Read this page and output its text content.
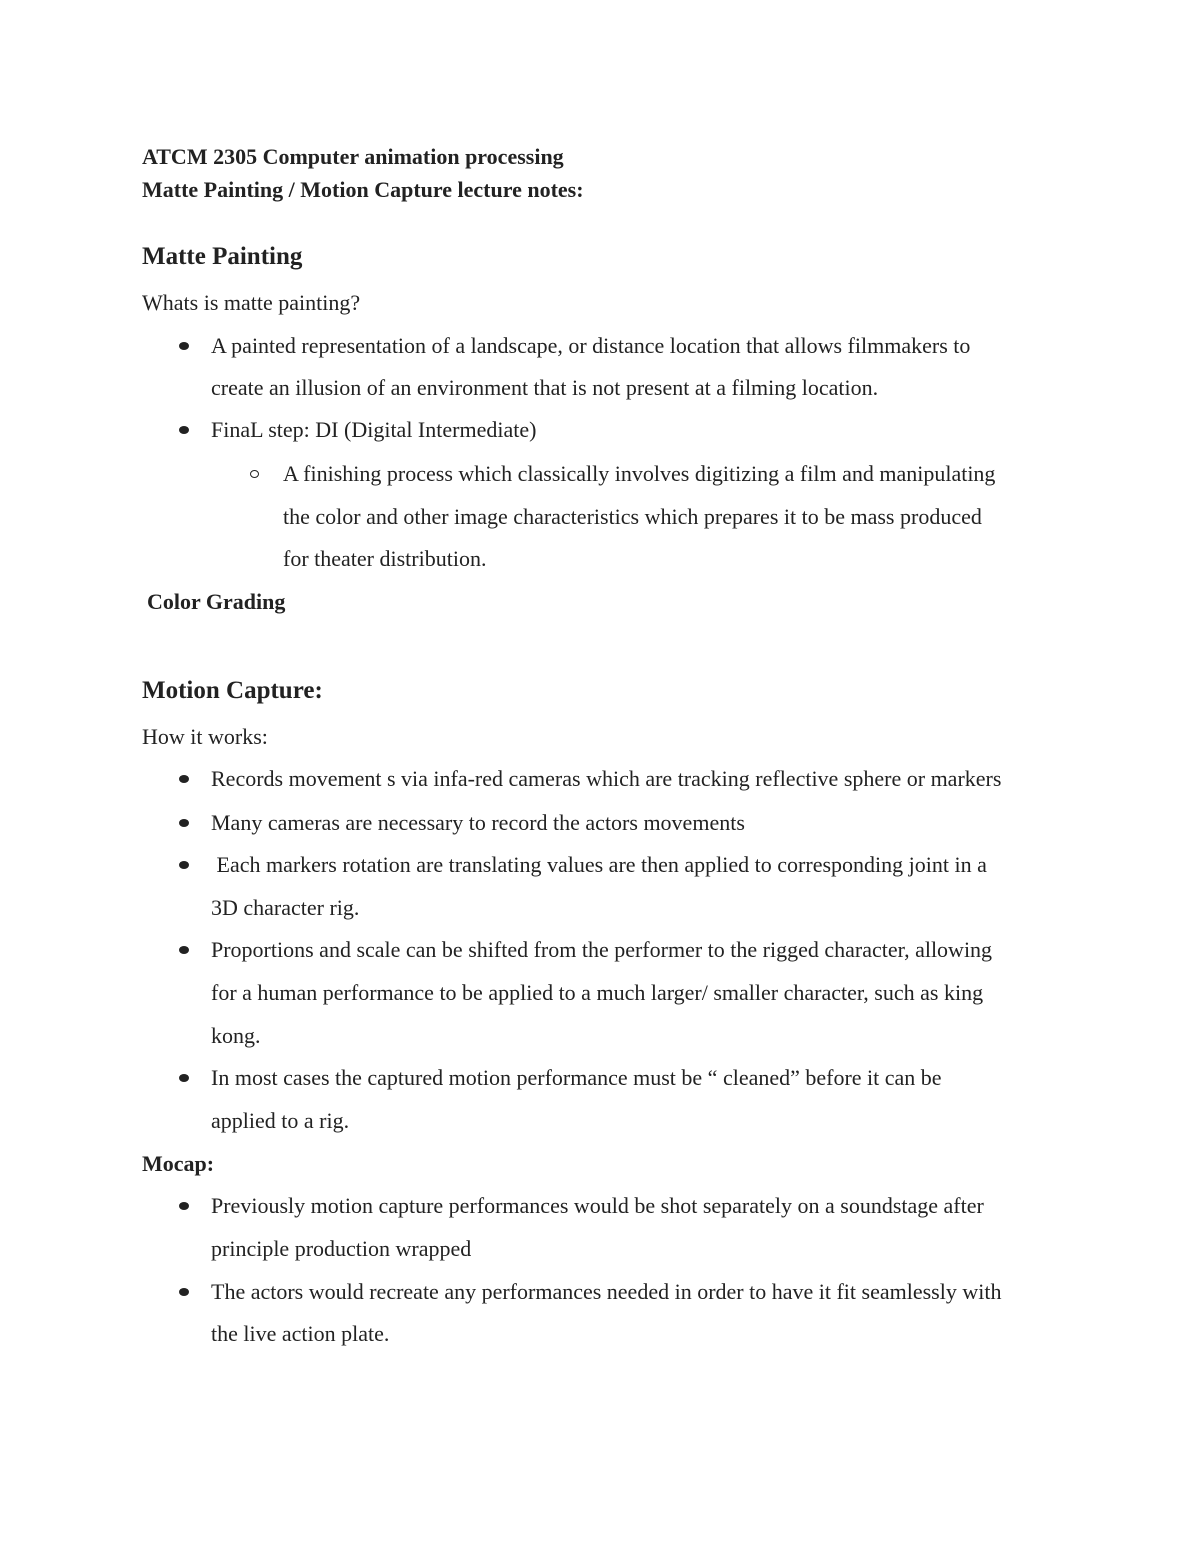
ATCM 2305 Computer animation processing
Matte Painting / Motion Capture lecture notes:
Matte Painting
Whats is matte painting?
A painted representation of a landscape, or distance location that allows filmmakers to
create an illusion of an environment that is not present at a filming location.
FinaL step: DI (Digital Intermediate)
A finishing process which classically involves digitizing a film and manipulating
the color and other image characteristics which prepares it to be mass produced
for theater distribution.
Color Grading
Motion Capture:
How it works:
Records movement s via infa-red cameras which are tracking reflective sphere or markers
Many cameras are necessary to record the actors movements
Each markers rotation are translating values are then applied to corresponding joint in a
3D character rig.
Proportions and scale can be shifted from the performer to the rigged character, allowing
for a human performance to be applied to a much larger/ smaller character, such as king
kong.
In most cases the captured motion performance must be “ cleaned” before it can be
applied to a rig.
Mocap:
Previously motion capture performances would be shot separately on a soundstage after
principle production wrapped
The actors would recreate any performances needed in order to have it fit seamlessly with
the live action plate.
